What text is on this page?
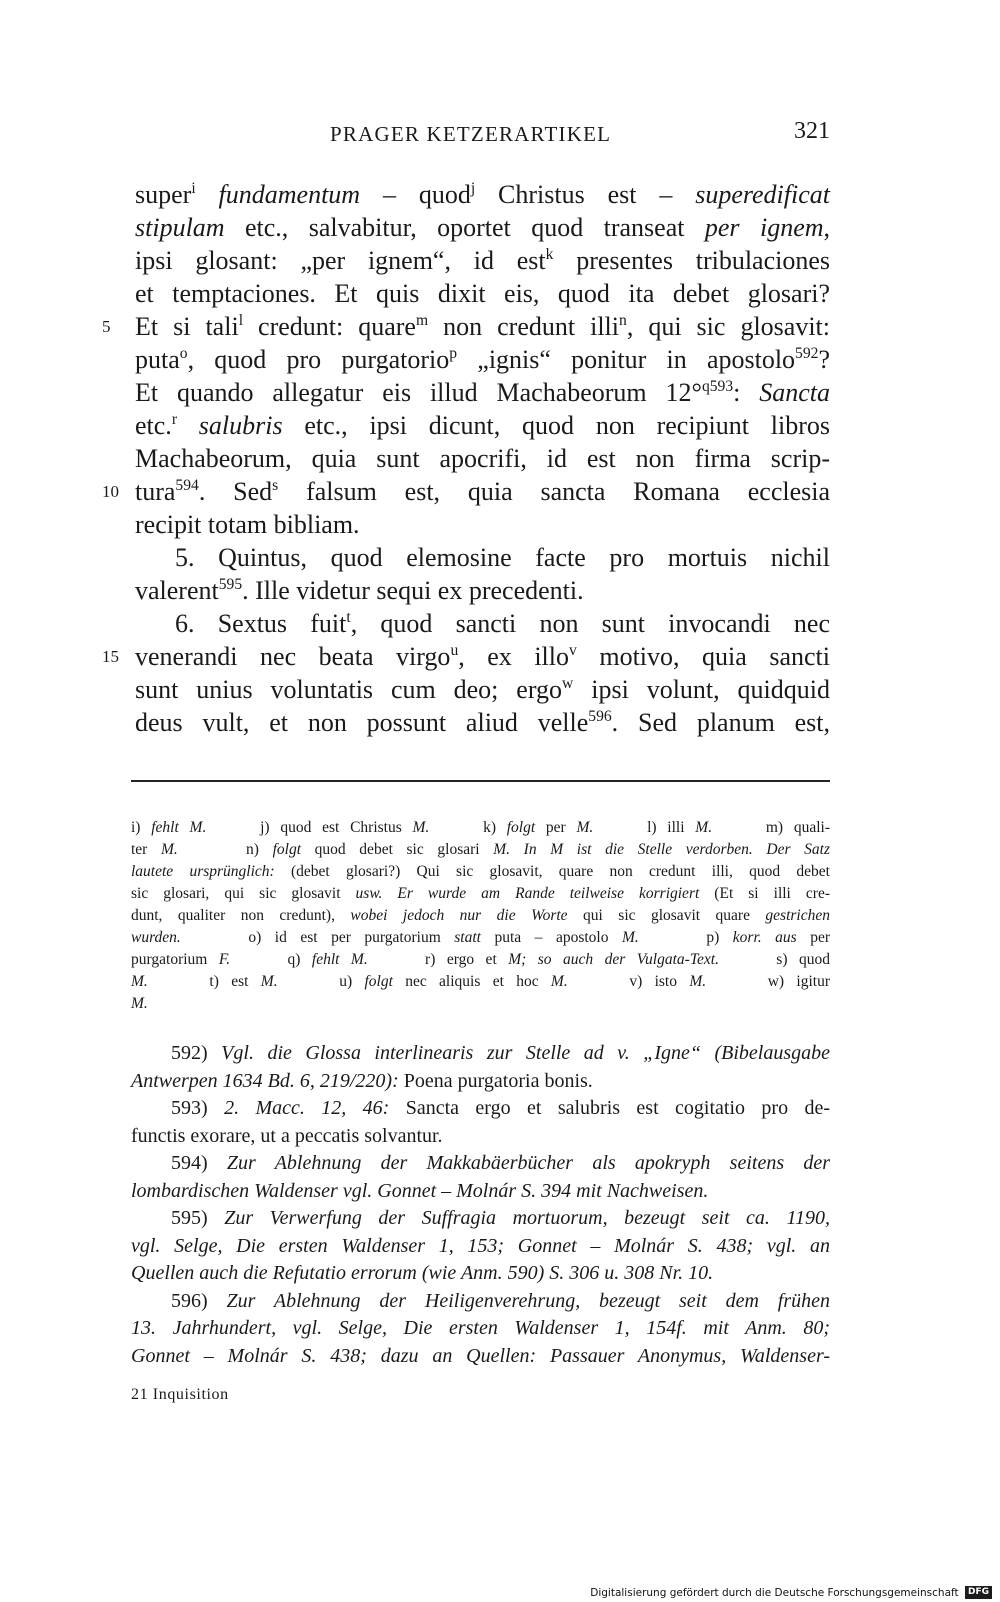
PRAGER KETZERARTIKEL	321
super$^i$ fundamentum – quod$^j$ Christus est – superedificat
stipulam etc., salvabitur, oportet quod transeat per ignem,
ipsi glosant: „per ignem“, id est$^k$ presentes tribulaciones
et temptaciones. Et quis dixit eis, quod ita debet glosari?
5 Et si tali$^l$ credunt: quare$^m$ non credunt illi$^n$, qui sic glosavit:
puta$^o$, quod pro purgatorio$^p$ „ignis“ ponitur in apostolo$^{592}$?
Et quando allegatur eis illud Machabeorum 12°$^{q593}$: Sancta
etc.$^r$ salubris etc., ipsi dicunt, quod non recipiunt libros
Machabeorum, quia sunt apocrifi, id est non firma scrip-
10 tura$^{594}$. Sed$^s$ falsum est, quia sancta Romana ecclesia
recipit totam bibliam.
5. Quintus, quod elemosine facte pro mortuis nichil
valerent$^{595}$. Ille videtur sequi ex precedenti.
6. Sextus fuit$^t$, quod sancti non sunt invocandi nec
15 venerandi nec beata virgo$^u$, ex illo$^v$ motivo, quia sancti
sunt unius voluntatis cum deo; ergo$^w$ ipsi volunt, quidquid
deus vult, et non possunt aliud velle$^{596}$. Sed planum est,
i) fehlt M.     j) quod est Christus M.     k) folgt per M.     l) illi M.     m) quali-
ter M.     n) folgt quod debet sic glosari M. In M ist die Stelle verdorben. Der Satz
lautete ursprünglich: (debet glosari?) Qui sic glosavit, quare non credunt illi, quod debet
sic glosari, qui sic glosavit usw. Er wurde am Rande teilweise korrigiert (Et si illi cre-
dunt, qualiter non credunt), wobei jedoch nur die Worte qui sic glosavit quare gestrichen
wurden.     o) id est per purgatorium statt puta – apostolo M.     p) korr. aus per
purgatorium F.     q) fehlt M.     r) ergo et M; so auch der Vulgata-Text.     s) quod
M.     t) est M.     u) folgt nec aliquis et hoc M.     v) isto M.     w) igitur
M.

592) Vgl. die Glossa interlinearis zur Stelle ad v. „Igne“ (Bibelausgabe
Antwerpen 1634 Bd. 6, 219/220): Poena purgatoria bonis.

593) 2. Macc. 12, 46: Sancta ergo et salubris est cogitatio pro de-
functis exorare, ut a peccatis solvantur.

594) Zur Ablehnung der Makkabäerbücher als apokryph seitens der
lombardischen Waldenser vgl. Gonnet – Molnár S. 394 mit Nachweisen.

595) Zur Verwerfung der Suffragia mortuorum, bezeugt seit ca. 1190,
vgl. Selge, Die ersten Waldenser 1, 153; Gonnet – Molnár S. 438; vgl. an
Quellen auch die Refutatio errorum (wie Anm. 590) S. 306 u. 308 Nr. 10.

596) Zur Ablehnung der Heiligenverehrung, bezeugt seit dem frühen
13. Jahrhundert, vgl. Selge, Die ersten Waldenser 1, 154f. mit Anm. 80;
Gonnet – Molnár S. 438; dazu an Quellen: Passauer Anonymus, Waldenser-

21 Inquisition
Digitalisierung gefördert durch die Deutsche Forschungsgemeinschaft DFG
